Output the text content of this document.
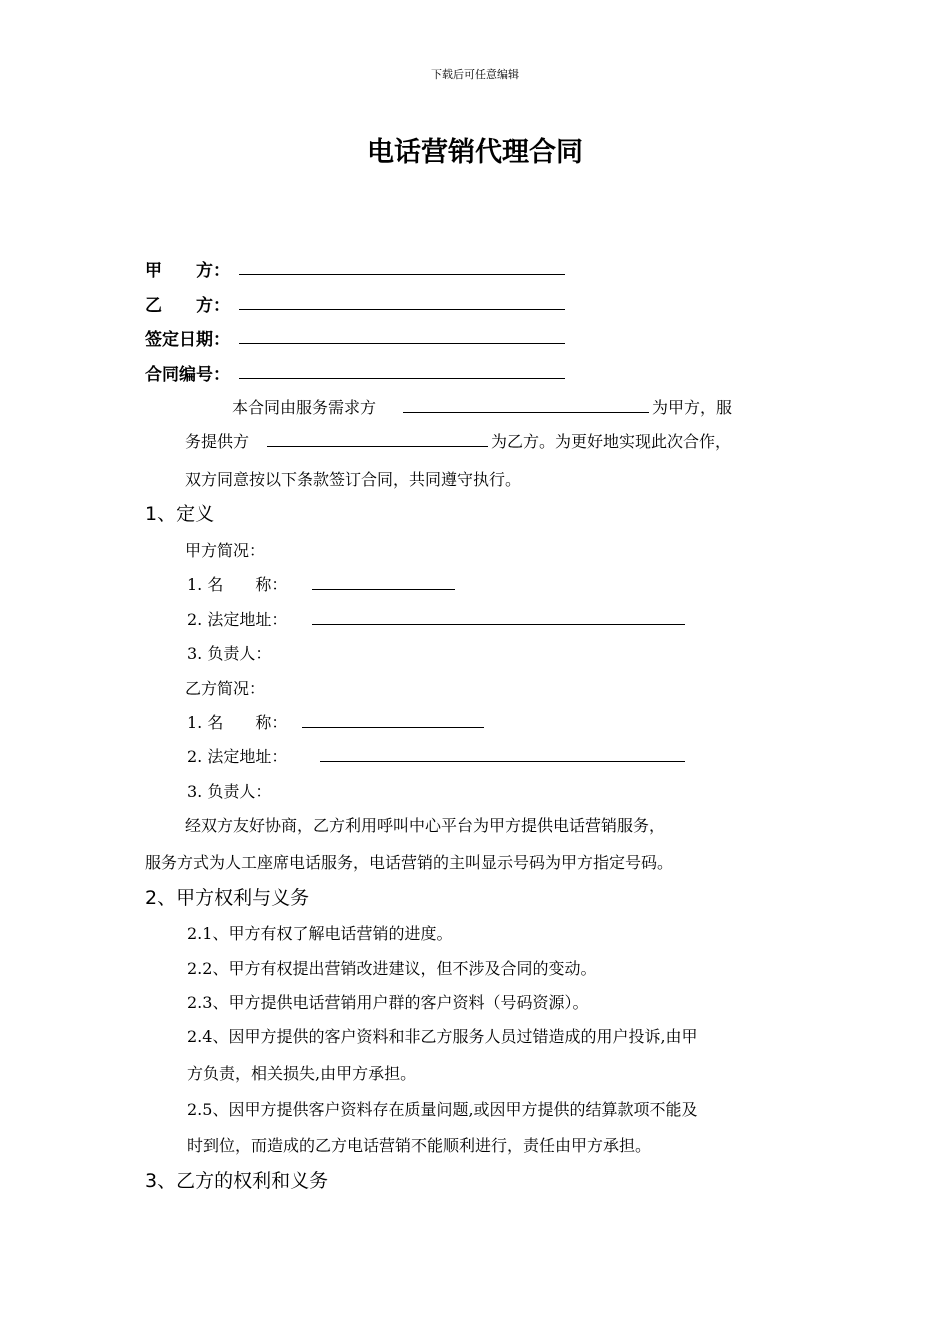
下载后可任意编辑
电话营销代理合同
甲　　方：
乙　　方：
签定日期：
合同编号：
本合同由服务需求方	为甲方，服
务提供方	为乙方。为更好地实现此次合作，
双方同意按以下条款签订合同，共同遵守执行。
1、定义
甲方简况：
1. 名　　称：
2. 法定地址：
3. 负责人：
乙方简况：
1. 名　　称：
2. 法定地址：
3. 负责人：
经双方友好协商，乙方利用呼叫中心平台为甲方提供电话营销服务，
服务方式为人工座席电话服务，电话营销的主叫显示号码为甲方指定号码。
2、甲方权利与义务
2.1、甲方有权了解电话营销的进度。
2.2、甲方有权提出营销改进建议，但不涉及合同的变动。
2.3、甲方提供电话营销用户群的客户资料（号码资源）。
2.4、因甲方提供的客户资料和非乙方服务人员过错造成的用户投诉,由甲
方负责，相关损失,由甲方承担。
2.5、因甲方提供客户资料存在质量问题,或因甲方提供的结算款项不能及
时到位，而造成的乙方电话营销不能顺利进行，责任由甲方承担。
3、乙方的权利和义务
